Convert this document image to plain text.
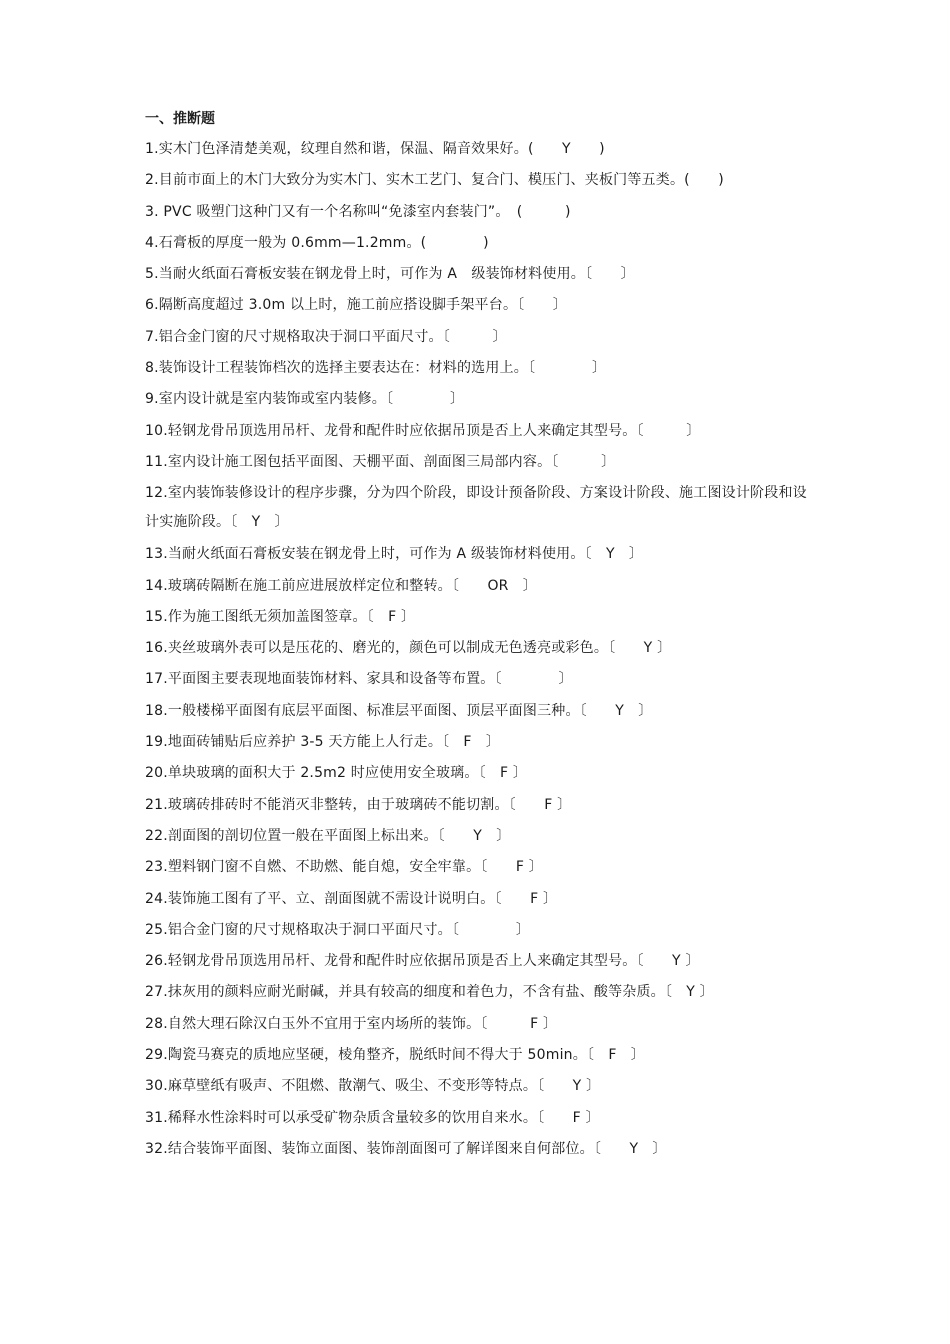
一、推断题
1.实木门色泽清楚美观，纹理自然和谐，保温、隔音效果好。(　　Y　　)
2.目前市面上的木门大致分为实木门、实木工艺门、复合门、模压门、夹板门等五类。(　　)
3. PVC 吸塑门这种门又有一个名称叫“免漆室内套装门”。　(　　　)
4.石膏板的厚度一般为 0.6mm—1.2mm。(　　　　)
5.当耐火纸面石膏板安装在钢龙骨上时，可作为 A　级装饰材料使用。〔　　〕
6.隔断高度超过 3.0m 以上时，施工前应搭设脚手架平台。〔　　〕
7.铝合金门窗的尺寸规格取决于洞口平面尺寸。〔　　　〕
8.装饰设计工程装饰档次的选择主要表达在：材料的选用上。〔　　　　〕
9.室内设计就是室内装饰或室内装修。〔　　　　〕
10.轻钢龙骨吊顶选用吊杆、龙骨和配件时应依据吊顶是否上人来确定其型号。〔　　　〕
11.室内设计施工图包括平面图、天棚平面、剖面图三局部内容。〔　　　〕
12.室内装饰装修设计的程序步骤，分为四个阶段，即设计预备阶段、方案设计阶段、施工图设计阶段和设计实施阶段。〔　Y　〕
13.当耐火纸面石膏板安装在钢龙骨上时，可作为 A 级装饰材料使用。〔　Y　〕
14.玻璃砖隔断在施工前应进展放样定位和整转。〔　　OR　〕
15.作为施工图纸无须加盖图签章。〔　F 〕
16.夹丝玻璃外表可以是压花的、磨光的，颜色可以制成无色透亮或彩色。〔　　Y 〕
17.平面图主要表现地面装饰材料、家具和设备等布置。〔　　　　〕
18.一般楼梯平面图有底层平面图、标准层平面图、顶层平面图三种。〔　　Y　〕
19.地面砖铺贴后应养护 3-5 天方能上人行走。〔　F　〕
20.单块玻璃的面积大于 2.5m2 时应使用安全玻璃。〔　F 〕
21.玻璃砖排砖时不能消灭非整转，由于玻璃砖不能切割。〔　　F 〕
22.剖面图的剖切位置一般在平面图上标出来。〔　　Y　〕
23.塑料钢门窗不自燃、不助燃、能自熄，安全牢靠。〔　　F 〕
24.装饰施工图有了平、立、剖面图就不需设计说明白。〔　　F 〕
25.铝合金门窗的尺寸规格取决于洞口平面尺寸。〔　　　　〕
26.轻钢龙骨吊顶选用吊杆、龙骨和配件时应依据吊顶是否上人来确定其型号。〔　　Y 〕
27.抹灰用的颜料应耐光耐碱，并具有较高的细度和着色力，不含有盐、酸等杂质。〔　Y 〕
28.自然大理石除汉白玉外不宜用于室内场所的装饰。〔　　　F 〕
29.陶瓷马赛克的质地应坚硬，棱角整齐，脱纸时间不得大于 50min。〔　F　〕
30.麻草壁纸有吸声、不阻燃、散潮气、吸尘、不变形等特点。〔　　Y 〕
31.稀释水性涂料时可以承受矿物杂质含量较多的饮用自来水。〔　　F 〕
32.结合装饰平面图、装饰立面图、装饰剖面图可了解详图来自何部位。〔　　Y　〕
